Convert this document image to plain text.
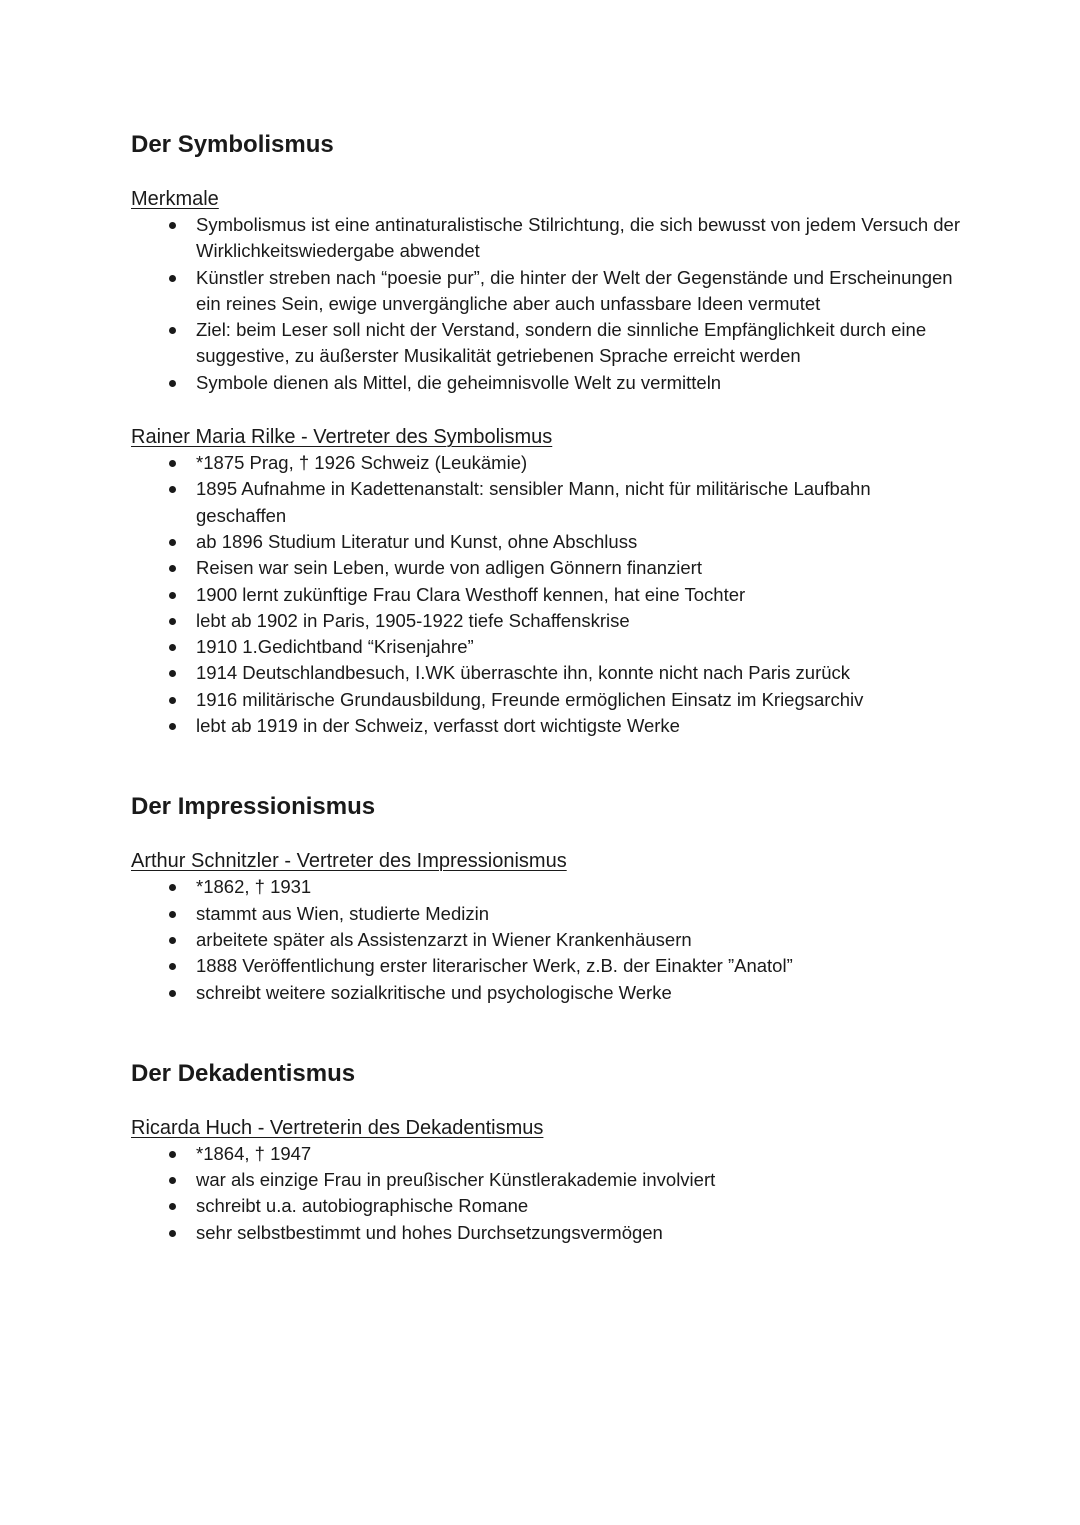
Der Symbolismus

Merkmale

Symbolismus ist eine antinaturalistische Stilrichtung, die sich bewusst von jedem Versuch der Wirklichkeitswiedergabe abwendet
Künstler streben nach “poesie pur”, die hinter der Welt der Gegenstände und Erscheinungen ein reines Sein, ewige unvergängliche aber auch unfassbare Ideen vermutet
Ziel: beim Leser soll nicht der Verstand, sondern die sinnliche Empfänglichkeit durch eine suggestive, zu äußerster Musikalität getriebenen Sprache erreicht werden
Symbole dienen als Mittel, die geheimnisvolle Welt zu vermitteln

Rainer Maria Rilke - Vertreter des Symbolismus

*1875 Prag, † 1926 Schweiz (Leukämie)
1895 Aufnahme in Kadettenanstalt: sensibler Mann, nicht für militärische Laufbahn geschaffen
ab 1896 Studium Literatur und Kunst, ohne Abschluss
Reisen war sein Leben, wurde von adligen Gönnern finanziert
1900 lernt zukünftige Frau Clara Westhoff kennen, hat eine Tochter
lebt ab 1902 in Paris, 1905-1922 tiefe Schaffenskrise
1910 1.Gedichtband “Krisenjahre”
1914 Deutschlandbesuch, I.WK überraschte ihn, konnte nicht nach Paris zurück
1916 militärische Grundausbildung, Freunde ermöglichen Einsatz im Kriegsarchiv
lebt ab 1919 in der Schweiz, verfasst dort wichtigste Werke
Der Impressionismus

Arthur Schnitzler - Vertreter des Impressionismus

*1862, † 1931
stammt aus Wien, studierte Medizin
arbeitete später als Assistenzarzt in Wiener Krankenhäusern
1888 Veröffentlichung erster literarischer Werk, z.B. der Einakter ”Anatol”
schreibt weitere sozialkritische und psychologische Werke
Der Dekadentismus

Ricarda Huch - Vertreterin des Dekadentismus

*1864, † 1947
war als einzige Frau in preußischer Künstlerakademie involviert
schreibt u.a. autobiographische Romane
sehr selbstbestimmt und hohes Durchsetzungsvermögen
